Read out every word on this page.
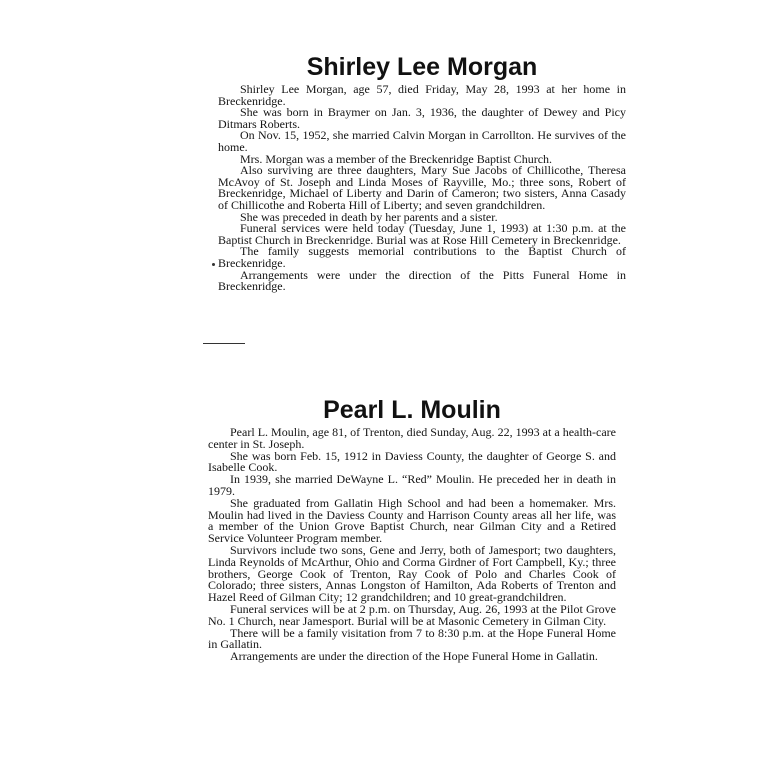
Shirley Lee Morgan

Shirley Lee Morgan, age 57, died Friday, May 28, 1993 at her home in Breckenridge.

She was born in Braymer on Jan. 3, 1936, the daughter of Dewey and Picy Ditmars Roberts.

On Nov. 15, 1952, she married Calvin Morgan in Carrollton. He survives of the home.

Mrs. Morgan was a member of the Breckenridge Baptist Church.

Also surviving are three daughters, Mary Sue Jacobs of Chillicothe, Theresa McAvoy of St. Joseph and Linda Moses of Rayville, Mo.; three sons, Robert of Breckenridge, Michael of Liberty and Darin of Cameron; two sisters, Anna Casady of Chillicothe and Roberta Hill of Liberty; and seven grandchildren.

She was preceded in death by her parents and a sister.

Funeral services were held today (Tuesday, June 1, 1993) at 1:30 p.m. at the Baptist Church in Breckenridge. Burial was at Rose Hill Cemetery in Breckenridge.

The family suggests memorial contributions to the Baptist Church of Breckenridge.

Arrangements were under the direction of the Pitts Funeral Home in Breckenridge.

Pearl L. Moulin

Pearl L. Moulin, age 81, of Trenton, died Sunday, Aug. 22, 1993 at a health-care center in St. Joseph.

She was born Feb. 15, 1912 in Daviess County, the daughter of George S. and Isabelle Cook.

In 1939, she married DeWayne L. “Red” Moulin. He preceded her in death in 1979.

She graduated from Gallatin High School and had been a homemaker. Mrs. Moulin had lived in the Daviess County and Harrison County areas all her life, was a member of the Union Grove Baptist Church, near Gilman City and a Retired Service Volunteer Program member.

Survivors include two sons, Gene and Jerry, both of Jamesport; two daughters, Linda Reynolds of McArthur, Ohio and Corma Girdner of Fort Campbell, Ky.; three brothers, George Cook of Trenton, Ray Cook of Polo and Charles Cook of Colorado; three sisters, Annas Longston of Hamilton, Ada Roberts of Trenton and Hazel Reed of Gilman City; 12 grandchildren; and 10 great-grandchildren.

Funeral services will be at 2 p.m. on Thursday, Aug. 26, 1993 at the Pilot Grove No. 1 Church, near Jamesport. Burial will be at Masonic Cemetery in Gilman City.

There will be a family visitation from 7 to 8:30 p.m. at the Hope Funeral Home in Gallatin.

Arrangements are under the direction of the Hope Funeral Home in Gallatin.
